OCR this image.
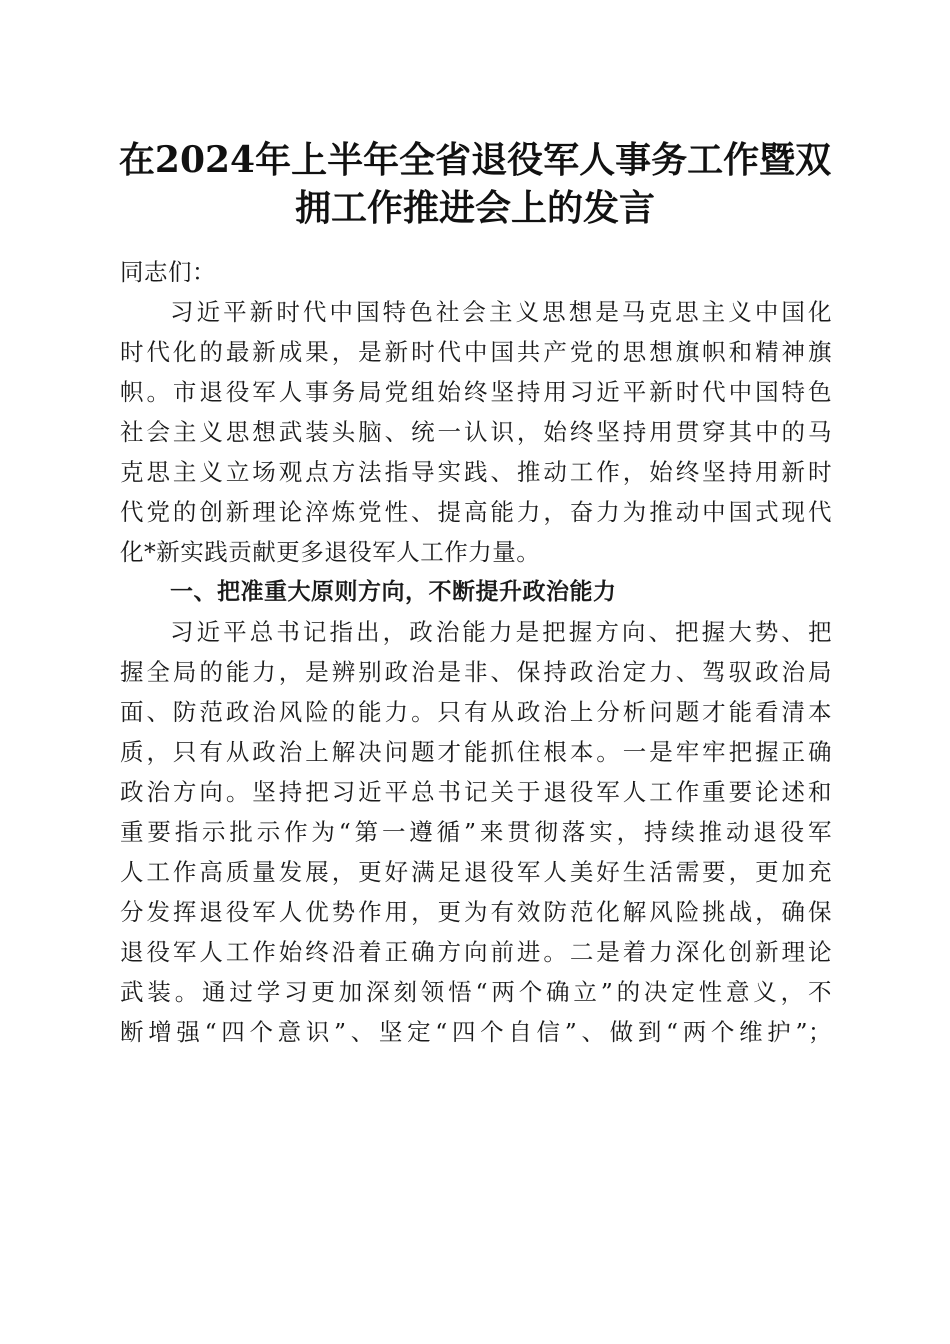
在2024年上半年全省退役军人事务工作暨双
拥工作推进会上的发言
同志们：
习近平新时代中国特色社会主义思想是马克思主义中国化
时代化的最新成果，是新时代中国共产党的思想旗帜和精神旗
帜。市退役军人事务局党组始终坚持用习近平新时代中国特色
社会主义思想武装头脑、统一认识，始终坚持用贯穿其中的马
克思主义立场观点方法指导实践、推动工作，始终坚持用新时
代党的创新理论淬炼党性、提高能力，奋力为推动中国式现代
化*新实践贡献更多退役军人工作力量。
一、把准重大原则方向，不断提升政治能力
习近平总书记指出，政治能力是把握方向、把握大势、把
握全局的能力，是辨别政治是非、保持政治定力、驾驭政治局
面、防范政治风险的能力。只有从政治上分析问题才能看清本
质，只有从政治上解决问题才能抓住根本。一是牢牢把握正确
政治方向。坚持把习近平总书记关于退役军人工作重要论述和
重要指示批示作为“第一遵循”来贯彻落实，持续推动退役军
人工作高质量发展，更好满足退役军人美好生活需要，更加充
分发挥退役军人优势作用，更为有效防范化解风险挑战，确保
退役军人工作始终沿着正确方向前进。二是着力深化创新理论
武装。通过学习更加深刻领悟“两个确立”的决定性意义，不
断增强“四个意识”、坚定“四个自信”、做到“两个维护”；
